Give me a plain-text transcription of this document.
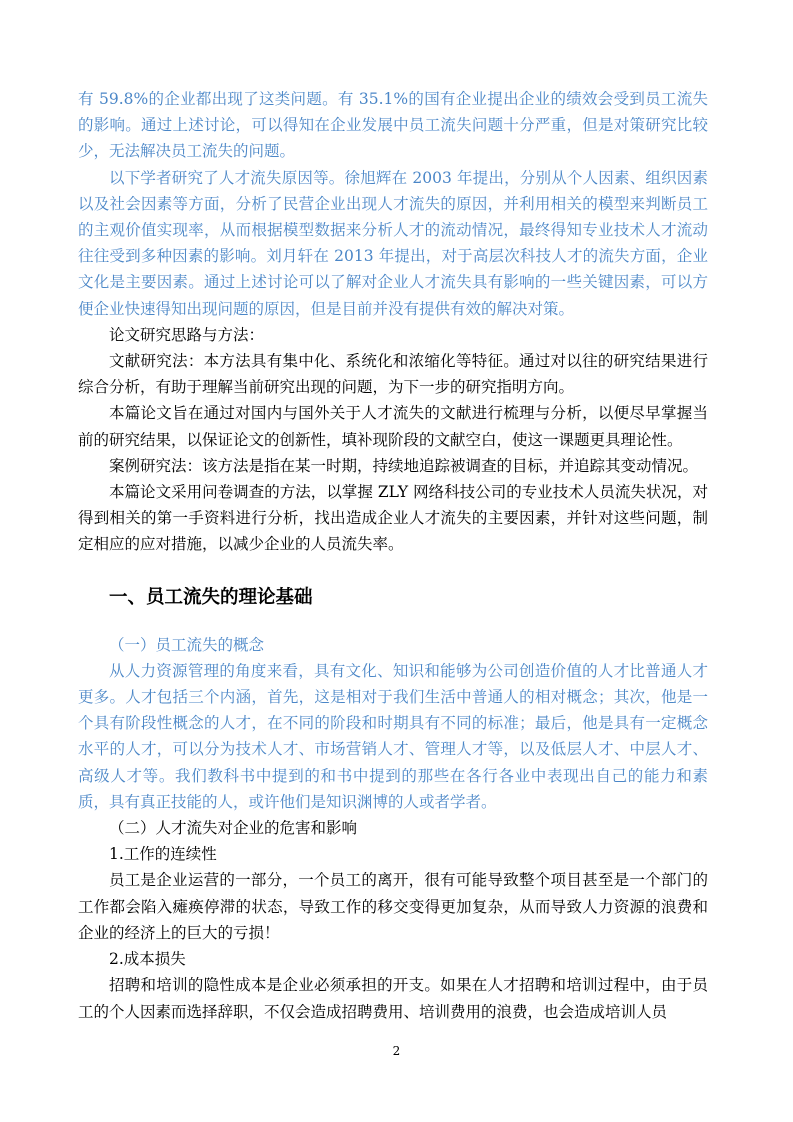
有 59.8%的企业都出现了这类问题。有 35.1%的国有企业提出企业的绩效会受到员工流失的影响。通过上述讨论，可以得知在企业发展中员工流失问题十分严重，但是对策研究比较少，无法解决员工流失的问题。

以下学者研究了人才流失原因等。徐旭辉在 2003 年提出，分别从个人因素、组织因素以及社会因素等方面，分析了民营企业出现人才流失的原因，并利用相关的模型来判断员工的主观价值实现率，从而根据模型数据来分析人才的流动情况，最终得知专业技术人才流动往往受到多种因素的影响。刘月轩在 2013 年提出，对于高层次科技人才的流失方面，企业文化是主要因素。通过上述讨论可以了解对企业人才流失具有影响的一些关键因素，可以方便企业快速得知出现问题的原因，但是目前并没有提供有效的解决对策。

论文研究思路与方法：

文献研究法：本方法具有集中化、系统化和浓缩化等特征。通过对以往的研究结果进行综合分析，有助于理解当前研究出现的问题，为下一步的研究指明方向。

本篇论文旨在通过对国内与国外关于人才流失的文献进行梳理与分析，以便尽早掌握当前的研究结果，以保证论文的创新性，填补现阶段的文献空白，使这一课题更具理论性。

案例研究法：该方法是指在某一时期，持续地追踪被调查的目标，并追踪其变动情况。

本篇论文采用问卷调查的方法，以掌握 ZLY 网络科技公司的专业技术人员流失状况，对得到相关的第一手资料进行分析，找出造成企业人才流失的主要因素，并针对这些问题，制定相应的应对措施，以减少企业的人员流失率。

一、员工流失的理论基础

（一）员工流失的概念

从人力资源管理的角度来看，具有文化、知识和能够为公司创造价值的人才比普通人才更多。人才包括三个内涵，首先，这是相对于我们生活中普通人的相对概念；其次，他是一个具有阶段性概念的人才，在不同的阶段和时期具有不同的标准；最后，他是具有一定概念水平的人才，可以分为技术人才、市场营销人才、管理人才等，以及低层人才、中层人才、高级人才等。我们教科书中提到的和书中提到的那些在各行各业中表现出自己的能力和素质，具有真正技能的人，或许他们是知识渊博的人或者学者。

（二）人才流失对企业的危害和影响

1.工作的连续性

员工是企业运营的一部分，一个员工的离开，很有可能导致整个项目甚至是一个部门的工作都会陷入瘫痪停滞的状态，导致工作的移交变得更加复杂，从而导致人力资源的浪费和企业的经济上的巨大的亏损！

2.成本损失

招聘和培训的隐性成本是企业必须承担的开支。如果在人才招聘和培训过程中，由于员工的个人因素而选择辞职，不仅会造成招聘费用、培训费用的浪费，也会造成培训人员

2
